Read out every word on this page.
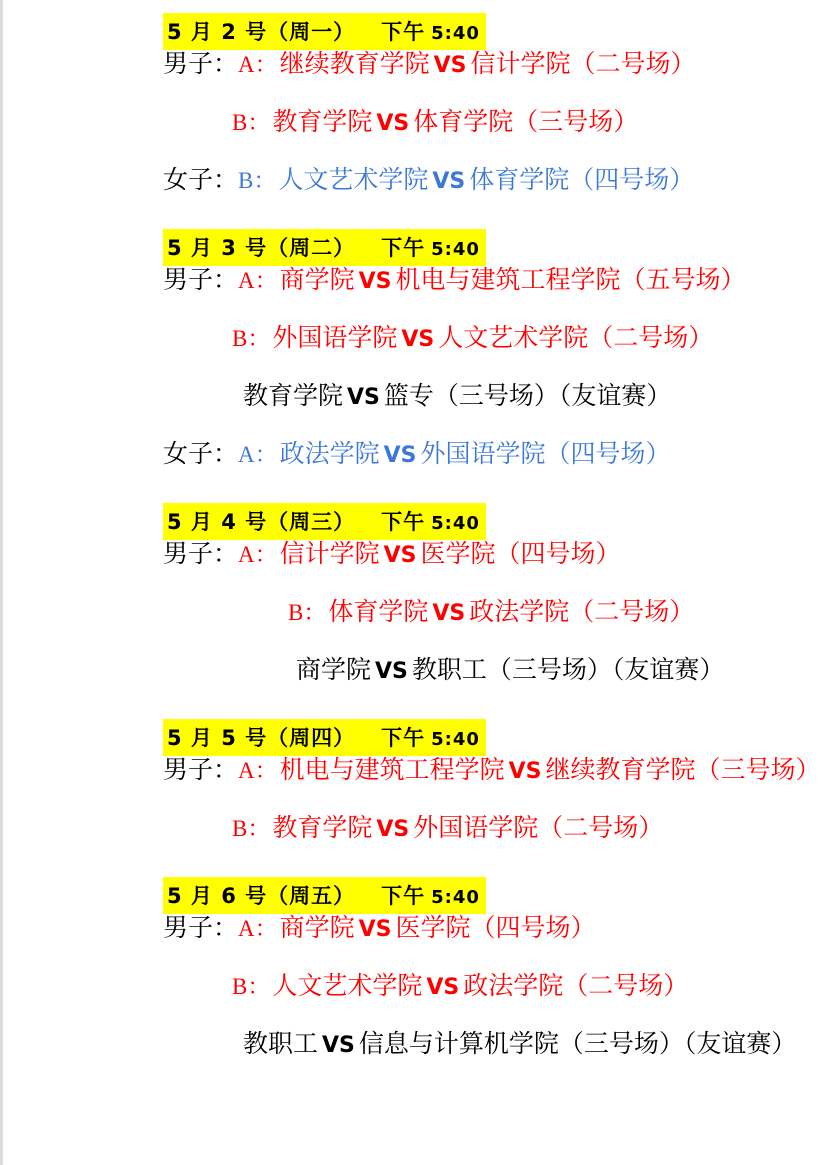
5 月 2 号（周一） 下午 5:40
男子： A： 继续教育学院 VS 信计学院 （二号场）
B： 教育学院 VS 体育学院 （三号场）
女子： B： 人文艺术学院 VS 体育学院 （四号场）
5 月 3 号（周二） 下午 5:40
男子： A： 商学院 VS 机电与建筑工程学院 （五号场）
B： 外国语学院 VS 人文艺术学院 （二号场）
教育学院 VS 篮专 （三号场）（友谊赛）
女子： A： 政法学院 VS 外国语学院 （四号场）
5 月 4 号（周三） 下午 5:40
男子： A： 信计学院 VS 医学院 （四号场）
B： 体育学院 VS 政法学院 （二号场）
商学院 VS 教职工 （三号场）（友谊赛）
5 月 5 号（周四） 下午 5:40
男子： A： 机电与建筑工程学院 VS 继续教育学院 （三号场）
B： 教育学院 VS 外国语学院 （二号场）
5 月 6 号（周五） 下午 5:40
男子： A： 商学院 VS 医学院 （四号场）
B： 人文艺术学院 VS 政法学院 （二号场）
教职工 VS 信息与计算机学院 （三号场）（友谊赛）
